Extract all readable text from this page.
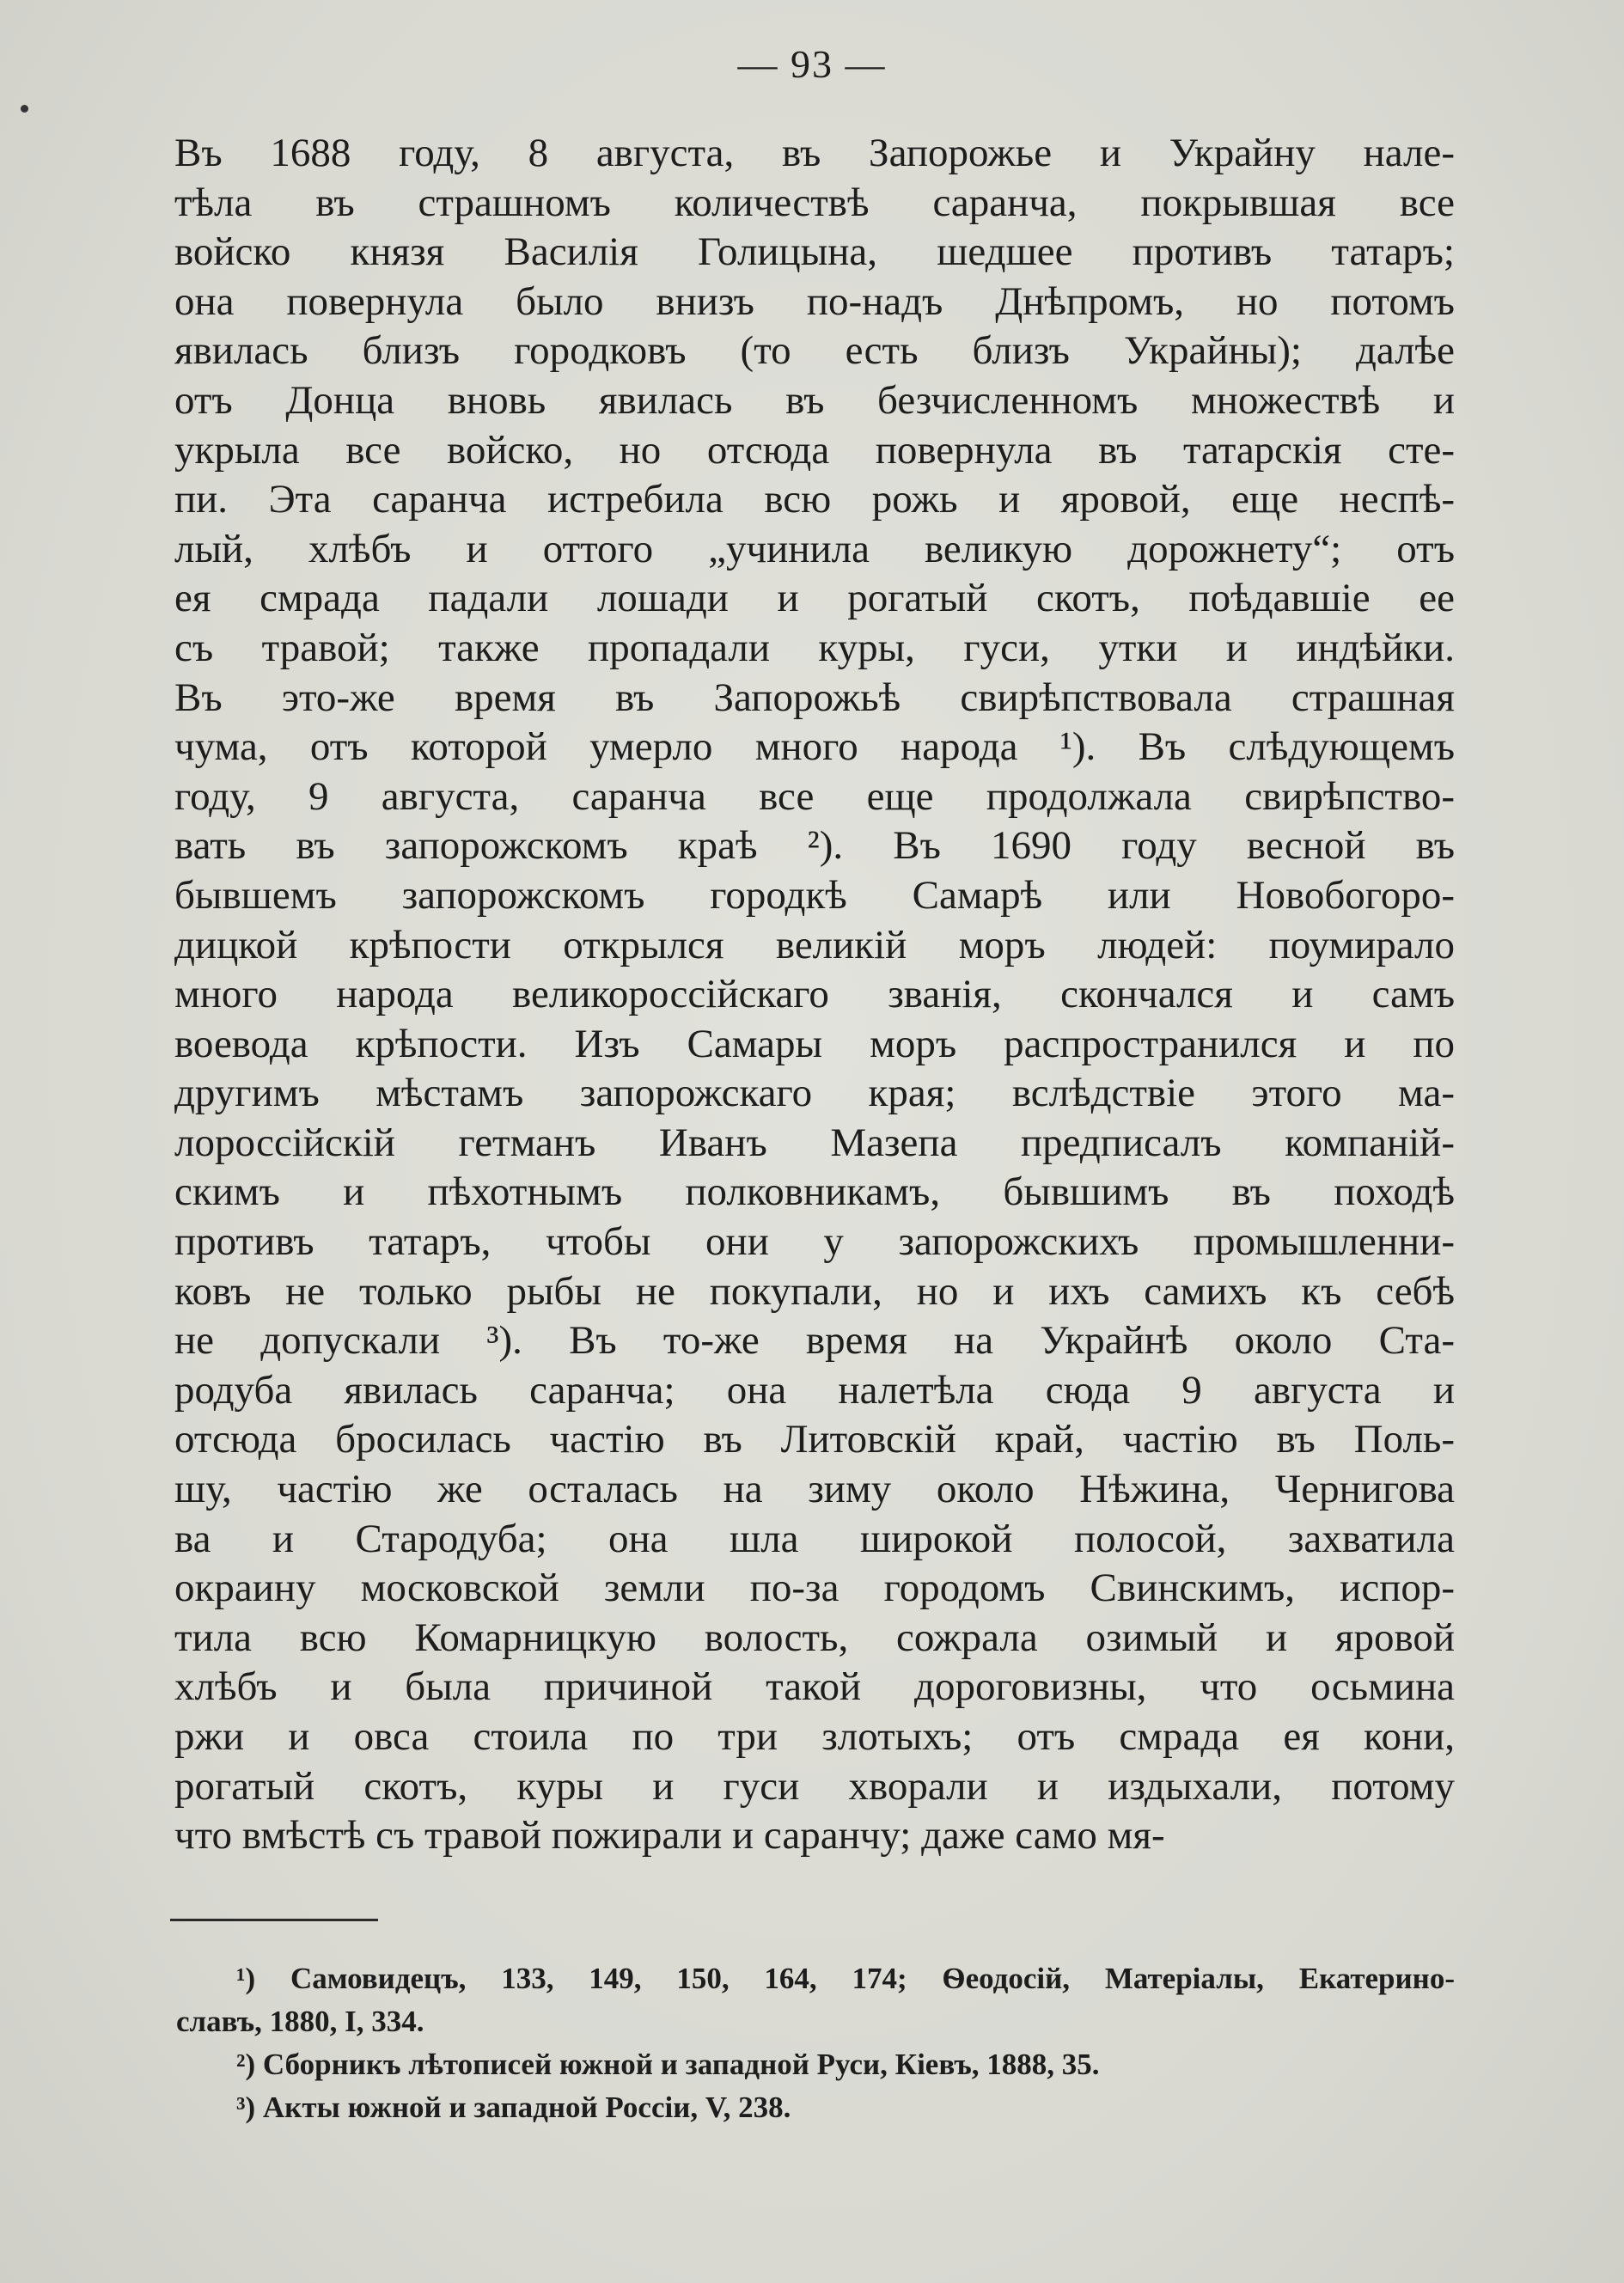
— 93 —
Въ 1688 году, 8 августа, въ Запорожье и Украйну нале-
тѣла въ страшномъ количествѣ саранча, покрывшая все
войско князя Василія Голицына, шедшее противъ татаръ;
она повернула было внизъ по-надъ Днѣпромъ, но потомъ
явилась близъ городковъ (то есть близъ Украйны); далѣе
отъ Донца вновь явилась въ безчисленномъ множествѣ и
укрыла все войско, но отсюда повернула въ татарскія сте-
пи. Эта саранча истребила всю рожь и яровой, еще неспѣ-
лый, хлѣбъ и оттого „учинила великую дорожнету“; отъ
ея смрада падали лошади и рогатый скотъ, поѣдавшіе ее
съ травой; также пропадали куры, гуси, утки и индѣйки.
Въ это-же время въ Запорожьѣ свирѣпствовала страшная
чума, отъ которой умерло много народа ¹). Въ слѣдующемъ
году, 9 августа, саранча все еще продолжала свирѣпство-
вать въ запорожскомъ краѣ ²). Въ 1690 году весной въ
бывшемъ запорожскомъ городкѣ Самарѣ или Новобогоро-
дицкой крѣпости открылся великій моръ людей: поумирало
много народа великороссійскаго званія, скончался и самъ
воевода крѣпости. Изъ Самары моръ распространился и по
другимъ мѣстамъ запорожскаго края; вслѣдствіе этого ма-
лороссійскій гетманъ Иванъ Мазепа предписалъ компаній-
скимъ и пѣхотнымъ полковникамъ, бывшимъ въ походѣ
противъ татаръ, чтобы они у запорожскихъ промышленни-
ковъ не только рыбы не покупали, но и ихъ самихъ къ себѣ
не допускали ³). Въ то-же время на Украйнѣ около Ста-
родуба явилась саранча; она налетѣла сюда 9 августа и
отсюда бросилась частію въ Литовскій край, частію въ Поль-
шу, частію же осталась на зиму около Нѣжина, Чернигова
ва и Стародуба; она шла широкой полосой, захватила
окраину московской земли по-за городомъ Свинскимъ, испор-
тила всю Комарницкую волость, сожрала озимый и яровой
хлѣбъ и была причиной такой дороговизны, что осьмина
ржи и овса стоила по три злотыхъ; отъ смрада ея кони,
рогатый скотъ, куры и гуси хворали и издыхали, потому
что вмѣстѣ съ травой пожирали и саранчу; даже само мя-
¹) Самовидецъ, 133, 149, 150, 164, 174; Ѳеодосій, Матеріалы, Екатерино-
славъ, 1880, I, 334.
²) Сборникъ лѣтописей южной и западной Руси, Кіевъ, 1888, 35.
³) Акты южной и западной Россіи, V, 238.
